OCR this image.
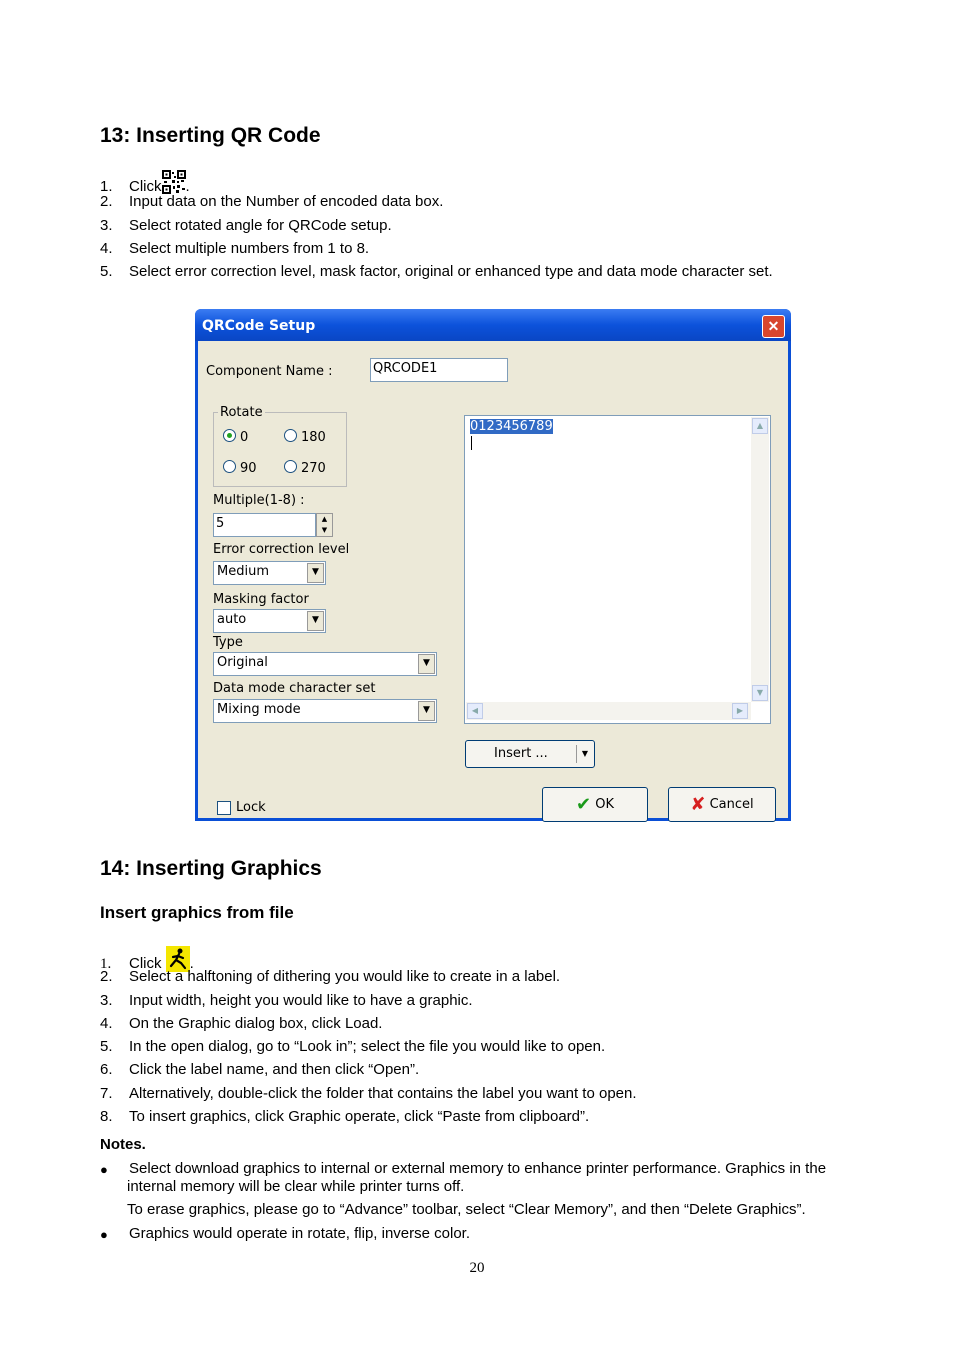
13: Inserting QR Code
1. Click .
2. Input data on the Number of encoded data box.
3. Select rotated angle for QRCode setup.
4. Select multiple numbers from 1 to 8.
5. Select error correction level, mask factor, original or enhanced type and data mode character set.
QRCode Setup	✕
Component Name :	QRCODE1
Rotate
0	180
90	270
Multiple(1-8) :
5	▲
▼
Error correction level
Medium	▼
Masking factor
auto	▼
Type
Original	▼
Data mode character set
Mixing mode	▼
0123456789	▲
▼
◀	▶
Insert ...	▼
✔ OK	✘ Cancel
Lock
14: Inserting Graphics
Insert graphics from file
1. Click .
2. Select a halftoning of dithering you would like to create in a label.
3. Input width, height you would like to have a graphic.
4. On the Graphic dialog box, click Load.
5. In the open dialog, go to “Look in”; select the file you would like to open.
6. Click the label name, and then click “Open”.
7. Alternatively, double-click the folder that contains the label you want to open.
8. To insert graphics, click Graphic operate, click “Paste from clipboard”.
Notes.
● Select download graphics to internal or external memory to enhance printer performance. Graphics in the
internal memory will be clear while printer turns off.
To erase graphics, please go to “Advance” toolbar, select “Clear Memory”, and then “Delete Graphics”.
● Graphics would operate in rotate, flip, inverse color.
20
